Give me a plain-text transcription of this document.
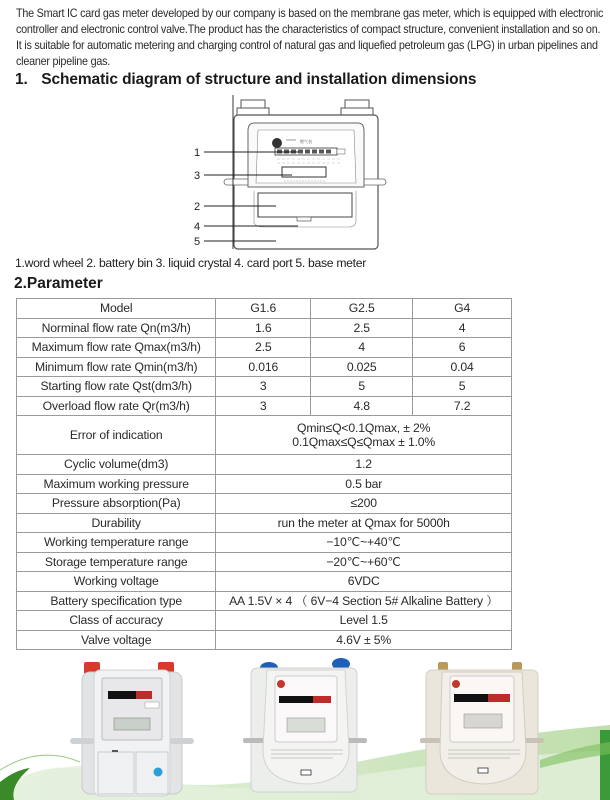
The Smart IC card gas meter developed by our company is based on the membrane gas meter, which is equipped with electronic controller and electronic control valve.The product has the characteristics of compact structure, convenient installation and so on. It is suitable for automatic metering and charging control of natural gas and liquefied petroleum gas (LPG) in urban pipelines and cleaner pipeline gas.

1. Schematic diagram of structure and installation dimensions
XXXXX 燃气表
1
3
2
4
5
1.word wheel 2. battery bin 3. liquid crystal 4. card port 5. base meter
2.Parameter
Model	G1.6	G2.5	G4
Norminal flow rate Qn(m3/h)	1.6	2.5	4
Maximum flow rate Qmax(m3/h)	2.5	4	6
Minimum flow rate Qmin(m3/h)	0.016	0.025	0.04
Starting flow rate Qst(dm3/h)	3	5	5
Overload flow rate Qr(m3/h)	3	4.8	7.2
Error of indication	Qmin≤Q<0.1Qmax, ± 2%
0.1Qmax≤Q≤Qmax ± 1.0%		

Cyclic volume(dm3)	1.2		
Maximum working pressure	0.5 bar		
Pressure absorption(Pa)	≤200		
Durability	run the meter at Qmax for 5000h		
Working temperature range	−10℃~+40℃		
Storage temperature range	−20℃~+60℃		
Working voltage	6VDC		
Battery specification type	AA 1.5V × 4 （ 6V−4 Section 5# Alkaline Battery ）		
Class of accuracy	Level 1.5		
Valve voltage	4.6V ± 5%		
